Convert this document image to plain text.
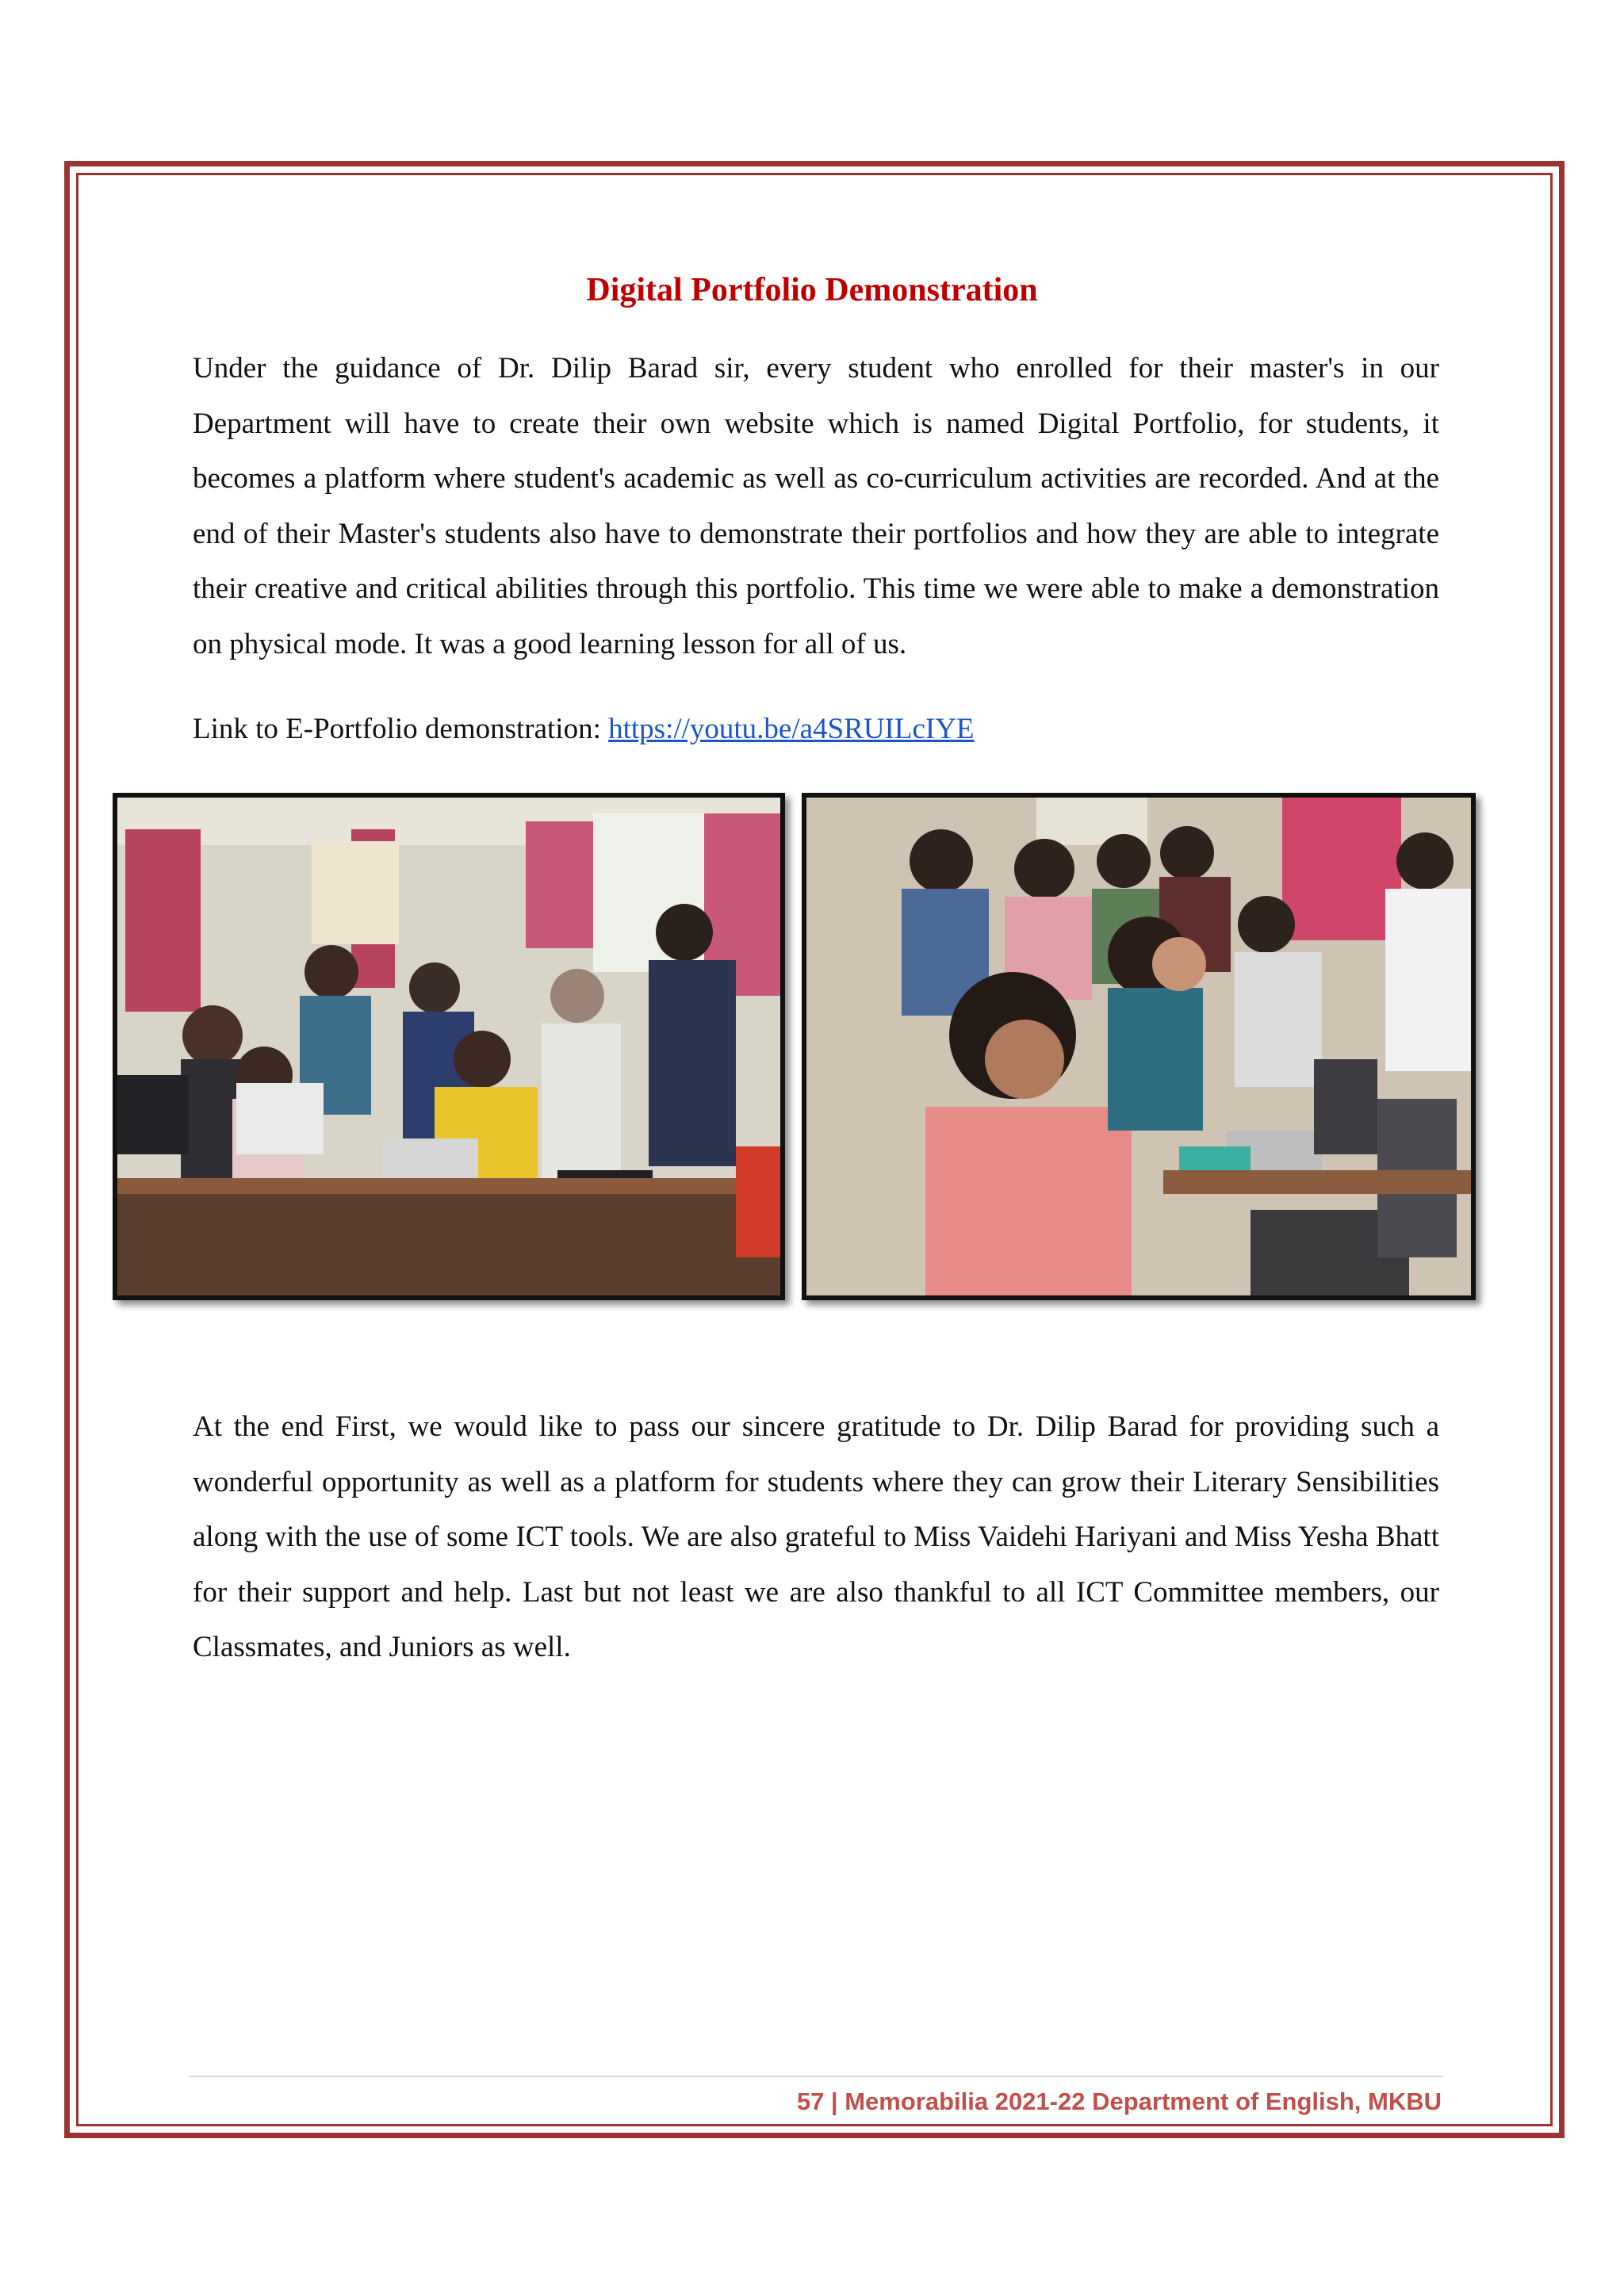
Digital Portfolio Demonstration

Under the guidance of Dr. Dilip Barad sir, every student who enrolled for their master's in our Department will have to create their own website which is named Digital Portfolio, for students, it becomes a platform where student's academic as well as co-curriculum activities are recorded. And at the end of their Master's students also have to demonstrate their portfolios and how they are able to integrate their creative and critical abilities through this portfolio. This time we were able to make a demonstration on physical mode. It was a good learning lesson for all of us.

Link to E-Portfolio demonstration: https://youtu.be/a4SRUILcIYE

At the end First, we would like to pass our sincere gratitude to Dr. Dilip Barad for providing such a wonderful opportunity as well as a platform for students where they can grow their Literary Sensibilities along with the use of some ICT tools. We are also grateful to Miss Vaidehi Hariyani and Miss Yesha Bhatt for their support and help. Last but not least we are also thankful to all ICT Committee members, our Classmates, and Juniors as well.

57 | Memorabilia 2021-22 Department of English, MKBU
